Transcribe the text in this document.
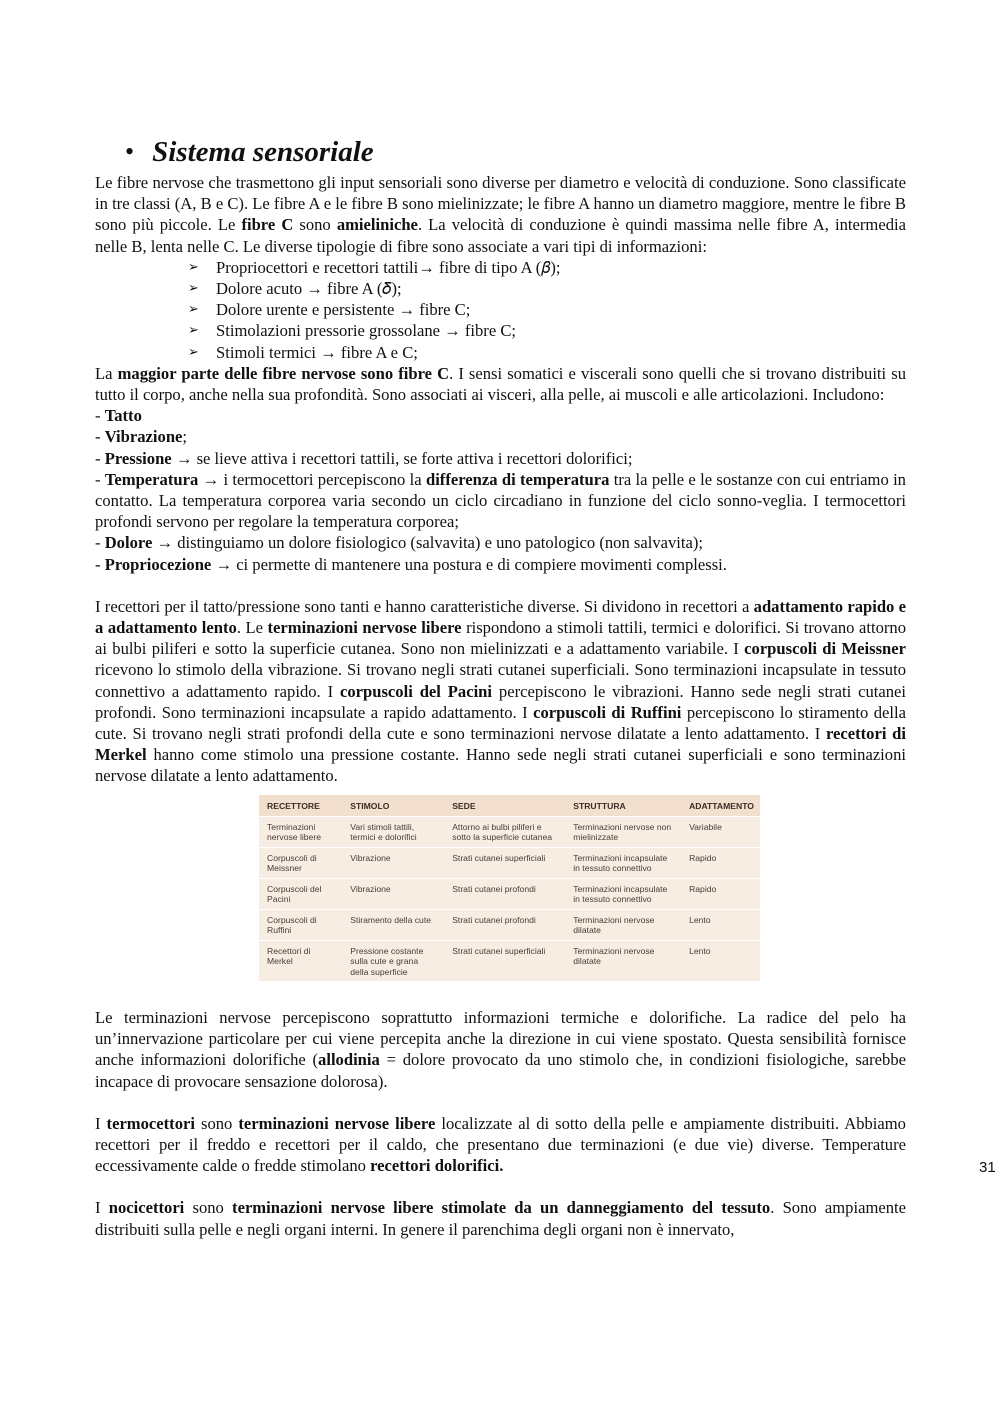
• Sistema sensoriale

Le fibre nervose che trasmettono gli input sensoriali sono diverse per diametro e velocità di conduzione. Sono classificate in tre classi (A, B e C). Le fibre A e le fibre B sono mielinizzate; le fibre A hanno un diametro maggiore, mentre le fibre B sono più piccole. Le fibre C sono amieliniche. La velocità di conduzione è quindi massima nelle fibre A, intermedia nelle B, lenta nelle C. Le diverse tipologie di fibre sono associate a vari tipi di informazioni:

➢	Propriocettori e recettori tattili→ fibre di tipo A (𝛽);
➢	Dolore acuto → fibre A (𝛿);
➢	Dolore urente e persistente → fibre C;
➢	Stimolazioni pressorie grossolane → fibre C;
➢	Stimoli termici → fibre A e C;

La maggior parte delle fibre nervose sono fibre C. I sensi somatici e viscerali sono quelli che si trovano distribuiti su tutto il corpo, anche nella sua profondità. Sono associati ai visceri, alla pelle, ai muscoli e alle articolazioni. Includono:

- Tatto
- Vibrazione;
- Pressione → se lieve attiva i recettori tattili, se forte attiva i recettori dolorifici;
- Temperatura → i termocettori percepiscono la differenza di temperatura tra la pelle e le sostanze con cui entriamo in contatto. La temperatura corporea varia secondo un ciclo circadiano in funzione del ciclo sonno-veglia. I termocettori profondi servono per regolare la temperatura corporea;
- Dolore → distinguiamo un dolore fisiologico (salvavita) e uno patologico (non salvavita);
- Propriocezione → ci permette di mantenere una postura e di compiere movimenti complessi.

I recettori per il tatto/pressione sono tanti e hanno caratteristiche diverse. Si dividono in recettori a adattamento rapido e a adattamento lento. Le terminazioni nervose libere rispondono a stimoli tattili, termici e dolorifici. Si trovano attorno ai bulbi piliferi e sotto la superficie cutanea. Sono non mielinizzati e a adattamento variabile. I corpuscoli di Meissner ricevono lo stimolo della vibrazione. Si trovano negli strati cutanei superficiali. Sono terminazioni incapsulate in tessuto connettivo a adattamento rapido. I corpuscoli del Pacini percepiscono le vibrazioni. Hanno sede negli strati cutanei profondi. Sono terminazioni incapsulate a rapido adattamento. I corpuscoli di Ruffini percepiscono lo stiramento della cute. Si trovano negli strati profondi della cute e sono terminazioni nervose dilatate a lento adattamento. I recettori di Merkel hanno come stimolo una pressione costante. Hanno sede negli strati cutanei superficiali e sono terminazioni nervose dilatate a lento adattamento.

RECETTORE	STIMOLO	SEDE	STRUTTURA	ADATTAMENTO
Terminazioni nervose libere	Vari stimoli tattili, termici e dolorifici	Attorno ai bulbi piliferi e sotto la superficie cutanea	Terminazioni nervose non mielinizzate	Variabile
Corpuscoli di Meissner	Vibrazione	Strati cutanei superficiali	Terminazioni incapsulate in tessuto connettivo	Rapido
Corpuscoli del Pacini	Vibrazione	Strati cutanei profondi	Terminazioni incapsulate in tessuto connettivo	Rapido
Corpuscoli di Ruffini	Stiramento della cute	Strati cutanei profondi	Terminazioni nervose dilatate	Lento
Recettori di Merkel	Pressione costante sulla cute e grana della superficie	Strati cutanei superficiali	Terminazioni nervose dilatate	Lento

Le terminazioni nervose percepiscono soprattutto informazioni termiche e dolorifiche. La radice del pelo ha un’innervazione particolare per cui viene percepita anche la direzione in cui viene spostato. Questa sensibilità fornisce anche informazioni dolorifiche (allodinia = dolore provocato da uno stimolo che, in condizioni fisiologiche, sarebbe incapace di provocare sensazione dolorosa).

I termocettori sono terminazioni nervose libere localizzate al di sotto della pelle e ampiamente distribuiti. Abbiamo recettori per il freddo e recettori per il caldo, che presentano due terminazioni (e due vie) diverse. Temperature eccessivamente calde o fredde stimolano recettori dolorifici.

I nocicettori sono terminazioni nervose libere stimolate da un danneggiamento del tessuto. Sono ampiamente distribuiti sulla pelle e negli organi interni. In genere il parenchima degli organi non è innervato,

31
